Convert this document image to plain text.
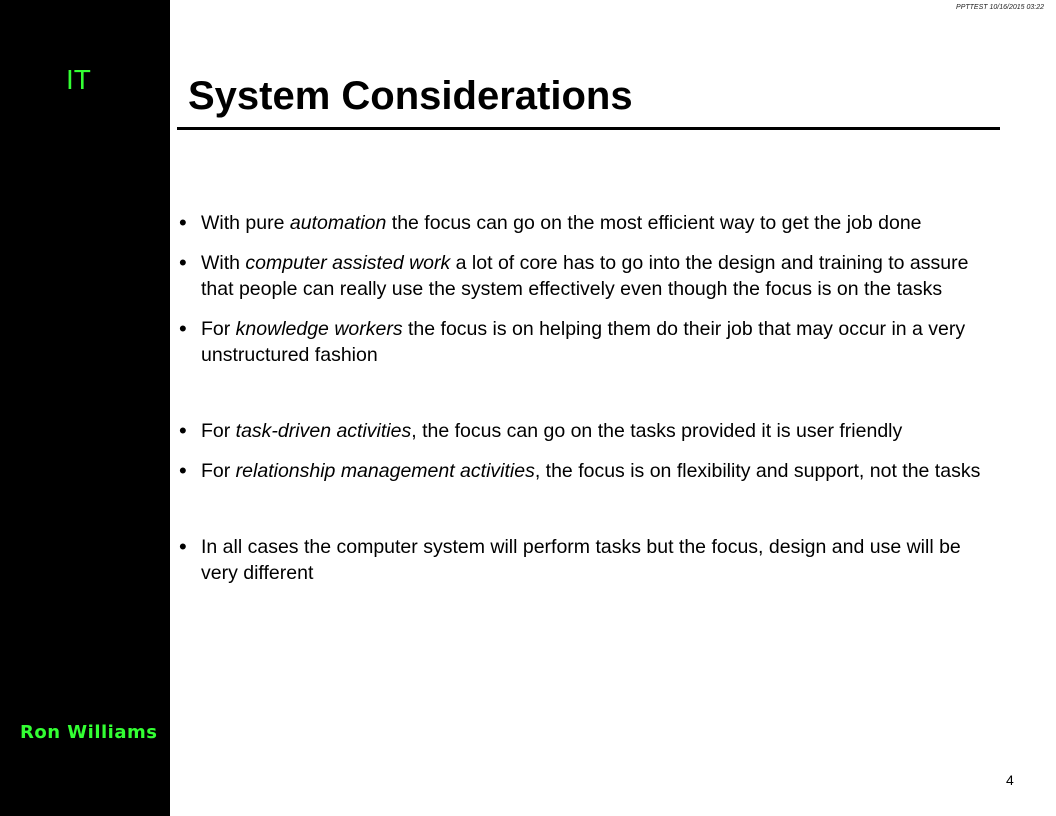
IT
Ron Williams
PPTTEST 10/16/2015 03:22
System Considerations
• With pure automation the focus can go on the most efficient way to get the job done
• With computer assisted work a lot of core has to go into the design and training to assure that people can really use the system effectively even though the focus is on the tasks
• For knowledge workers the focus is on helping them do their job that may occur in a very unstructured fashion
• For task-driven activities, the focus can go on the tasks provided it is user friendly
• For relationship management activities, the focus is on flexibility and support, not the tasks
• In all cases the computer system will perform tasks but the focus, design and use will be very different
4
